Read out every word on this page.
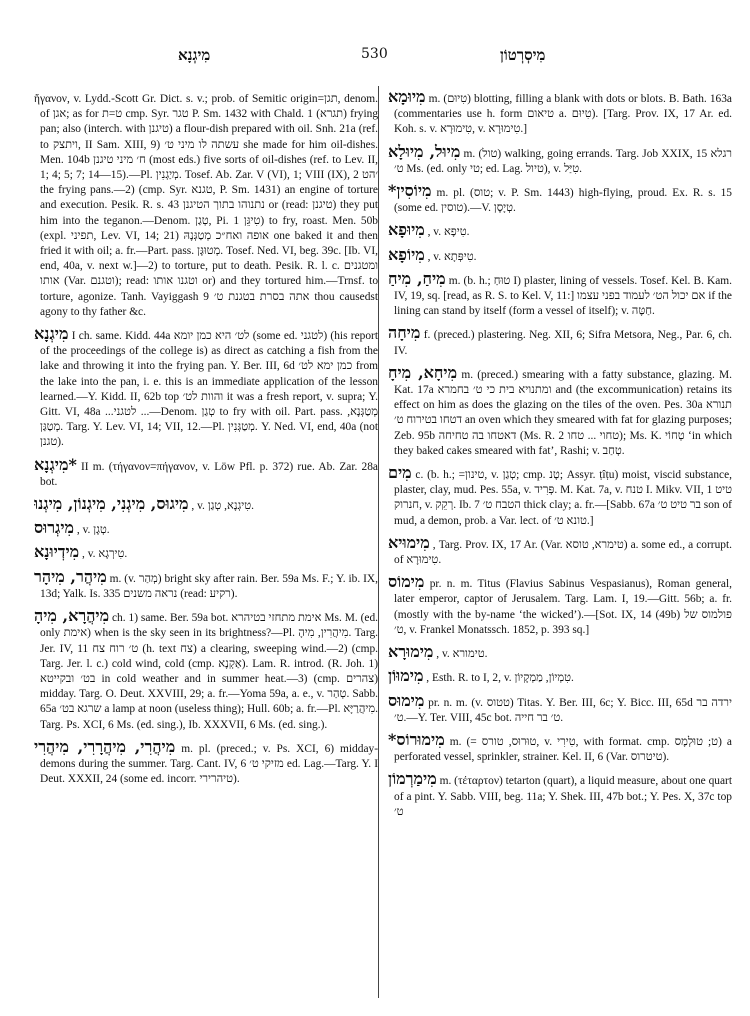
מִיגְנָא	530	מִיסְרְטוֹן

ἤγανον, v. Lydd.-Scott Gr. Dict. s. v.; prob. of Semitic origin=תגן, denom. of אגן; as for ט=ת cmp. Syr. טגר P. Sm. 1432 with Chald. תגרא) 1) frying pan; also (interch. with טיגנן) a flour-dish prepared with oil. Snh. 21a (ref. to ויתצק, II Sam. XIII, 9) עשתה לו מיני ט׳ she made for him oil-dishes. Men. 104b ח׳ מיני טיגנן (most eds.) five sorts of oil-dishes (ref. to Lev. II, 1; 4; 5; 7; 14—15).—Pl. מְיַגְנִין. Tosef. Ab. Zar. V (VI), 1; VIII (IX), 2 ׳הט the frying pans.—2) (cmp. Syr. טגנא, P. Sm. 1431) an engine of torture and execution. Pesik. R. s. 43 נתנוהו בתוך הטיגנן or (read: טיגנן) they put him into the teganon.—Denom. טְגַן, Pi. טִיגֵּן 1) to fry, roast. Men. 50b (expl. תפיני, Lev. VI, 14; 21) אופה ואח״כ מְטַגְּנָהּ one baked it and then fried it with oil; a. fr.—Part. pass. מְטוּגָּן. Tosef. Ned. VI, beg. 39c. [Ib. VI, end, 40a, v. next w.]—2) to torture, put to death. Pesik. R. l. c. ומטגנים אותו (Var. וטגנם); read: וטגנו אותו or) and they tortured him.—Trnsf. to torture, agonize. Tanh. Vayiggash 9 אתה בסרת בטגנת ט׳ thou causedst agony to thy father &c.

מִיגְנָא I ch. same. Kidd. 44a לט׳ היא כמן יומא (some ed. לטגני) (his report of the proceedings of the college is) as direct as catching a fish from the lake and throwing it into the frying pan. Y. Ber. III, 6d כמן ימא לט׳ from the lake into the pan, i. e. this is an immediate application of the lesson learned.—Y. Kidd. II, 62b top והוות לט׳ it was a fresh report, v. supra; Y. Gitt. VI, 48a ...לטגני ...—Denom. טְגַן to fry with oil. Part. pass. מְטַגְּנָא, מְטַגַּן. Targ. Y. Lev. VI, 14; VII, 12.—Pl. מְטַגְּנִין. Y. Ned. VI, end, 40a (not טגנן).

*מִיגְנָא II m. (τήγανον=πήγανον, v. Löw Pfl. p. 372) rue. Ab. Zar. 28a bot.

מִיגוּס, מִיגְנִי, מִיגְנוֹן, מִיגְנוּ , v. טִיגְנָא, טְגַן.

מִיגְרוּס , v. טְגָן.

מִידְיוּנָא , v. טִירְגָא.

מִיהֲר, מִיהָר m. (v. מְהַר) bright sky after rain. Ber. 59a Ms. F.; Y. ib. IX, 13d; Yalk. Is. 335 נראה משנים (read: רקיע).

מִיהֲרָא, מִיהָ ch. 1) same. Ber. 59a bot. אימת מתחזי בטיהרא Ms. M. (ed. only אימת) when is the sky seen in its brightness?—Pl. מִיהֲרִין, מִיהָ. Targ. Jer. IV, 11 ט׳ רוח צח (h. text צח) a clearing, sweeping wind.—2) (cmp. Targ. Jer. l. c.) cold wind, cold (cmp. אַקְנָא). Lam. R. introd. (R. Joh. 1) בט׳ ובקייטא in cold weather and in summer heat.—3) (cmp. צהרים) midday. Targ. O. Deut. XXVIII, 29; a. fr.—Yoma 59a, a. e., v. טְהַר. Sabb. 65a שרגא בט׳ a lamp at noon (useless thing); Hull. 60b; a. fr.—Pl. מִיהֲרַיָּא. Targ. Ps. XCI, 6 Ms. (ed. sing.), Ib. XXXVII, 6 Ms. (ed. sing.).

מִיהֲרִי, מִיהֲרָרִי, מִיהֲרִי m. pl. (preced.; v. Ps. XCI, 6) midday-demons during the summer. Targ. Cant. IV, 6 מזיקי ט׳ ed. Lag.—Targ. Y. I Deut. XXXII, 24 (some ed. incorr. טיהרירי).

מִיוּמָא m. (טִיוּם) blotting, filling a blank with dots or blots. B. Bath. 163a (commentaries use h. form טיאום a. טִיוּם). [Targ. Prov. IX, 17 Ar. ed. Koh. s. v. טִימוּרָא, v. טִימוּרָא.]

מִיוּל, מִיוּלָא m. (טול) walking, going errands. Targ. Job XXIX, 15 רגלא ט׳ Ms. (ed. only טי; ed. Lag. טיול), v. טִיַּל.

מִיוֹסִין* m. pl. (טוס; v. P. Sm. 1443) high-flying, proud. Ex. R. s. 15 (some ed. טוסין).—V. טְיָסָן.

מִיוּפָא , v. טִיפָא.

מִיוֹפָא , v. טִיפְּתָא.

מִיחַ, מִיחַ m. (b. h.; טוּחַ I) plaster, lining of vessels. Tosef. Kel. B. Kam. IV, 19, sq. [read, as R. S. to Kel. V, 11:] אם יכול הט׳ לעמוד בפני עצמו if the lining can stand by itself (form a vessel of itself); v. חַטָּה.

מִיחָה f. (preced.) plastering. Neg. XII, 6; Sifra Metsora, Neg., Par. 6, ch. IV.

מִיחָא, מִיחָ m. (preced.) smearing with a fatty substance, glazing. M. Kat. 17a ומתנויא בית כי ט׳ בחמרא and (the excommunication) retains its effect on him as does the glazing on the tiles of the oven. Pes. 30a תנורא דטחו בטירוח ט׳ an oven which they smeared with fat for glazing purposes; Zeb. 95b דאטחו בה טחיחה (Ms. R. 2 טחוי ... טחו); Ms. K. טְחוֹי ‘in which they baked cakes smeared with fat’, Rashi; v. טְחַב.

מִים c. (b. h.; =טינון, v. טְגַן; cmp. טָנ; Assyr. ṭîṭu) moist, viscid substance, plaster, clay, mud. Pes. 55a, v. פְּרִיד. M. Kat. 7a, v. טנח I. Mikv. VII, 1 טיט חנרוק, v. רְקֵק. Ib. 7 הטבח ט׳ thick clay; a. fr.—[Sabb. 67a בר טיט ט׳ son of mud, a demon, prob. a Var. lect. of טונא ט׳.]

מִימוּיא , Targ. Prov. IX, 17 Ar. (Var. טימרא, טוסא) a. some ed., a corrupt. of טִימוּרָא.

מִימוֹס pr. n. m. Titus (Flavius Sabinus Vespasianus), Roman general, later emperor, captor of Jerusalem. Targ. Lam. I, 19.—Gitt. 56b; a. fr. (mostly with the by-name ‘the wicked’).—[Sot. IX, 14 (49b) פולמוס של ט׳, v. Frankel Monatssch. 1852, p. 393 sq.]

מִימוּרָא , v. טימורא.

מִימוּוֹן , Esth. R. to I, 2, v. טִמְיוֹן, מַמְקָיוֹן.

מִימוּס pr. n. m. (v. טטוס) Titas. Y. Ber. III, 6c; Y. Bicc. III, 65d ירדה בר ט׳.—Y. Ter. VIII, 45c bot. ט׳ בר חייה.

מִימוּרוֹס* m. (= טוּרוּס, טורס, v. טִירִי, with format. cmp. ט; טוּלְמָס) a perforated vessel, sprinkler, strainer. Kel. II, 6 (Var. טיטרוס).

מִימַרְמוֹן m. (τέταρτον) tetarton (quart), a liquid measure, about one quart of a pint. Y. Sabb. VIII, beg. 11a; Y. Shek. III, 47b bot.; Y. Pes. X, 37c top ט׳
